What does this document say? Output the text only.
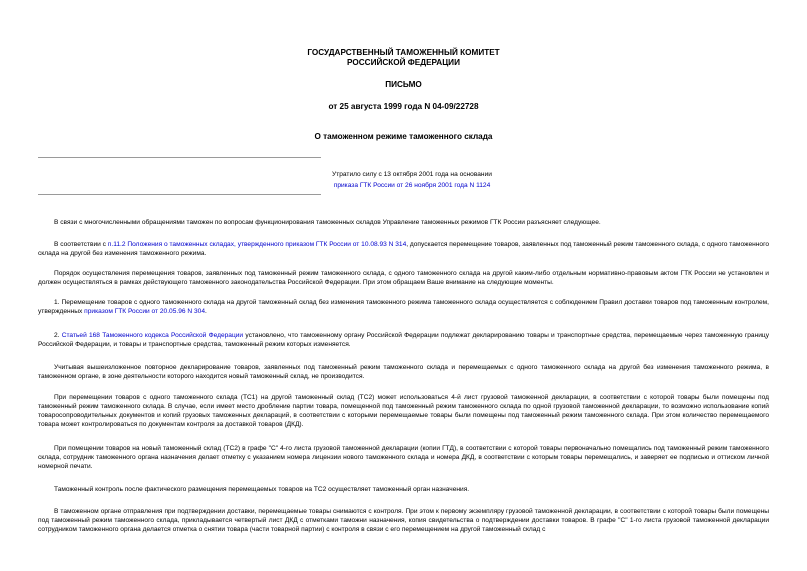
ГОСУДАРСТВЕННЫЙ ТАМОЖЕННЫЙ КОМИТЕТ
РОССИЙСКОЙ ФЕДЕРАЦИИ
ПИСЬМО
от 25 августа 1999 года N 04-09/22728
О таможенном режиме таможенного склада
Утратило силу с 13 октября 2001 года на основании
приказа ГТК России от 26 ноября 2001 года N 1124

В связи с многочисленными обращениями таможен по вопросам функционирования таможенных складов Управление таможенных режимов ГТК России разъясняет следующее.

В соответствии с п.11.2 Положения о таможенных складах, утвержденного приказом ГТК России от 10.08.93 N 314, допускается перемещение товаров, заявленных под таможенный режим таможенного склада, с одного таможенного склада на другой без изменения таможенного режима.

Порядок осуществления перемещения товаров, заявленных под таможенный режим таможенного склада, с одного таможенного склада на другой каким-либо отдельным нормативно-правовым актом ГТК России не установлен и должен осуществляться в рамках действующего таможенного законодательства Российской Федерации. При этом обращаем Ваше внимание на следующие моменты.

1. Перемещение товаров с одного таможенного склада на другой таможенный склад без изменения таможенного режима таможенного склада осуществляется с соблюдением Правил доставки товаров под таможенным контролем, утвержденных приказом ГТК России от 20.05.96 N 304.

2. Статьей 168 Таможенного кодекса Российской Федерации установлено, что таможенному органу Российской Федерации подлежат декларированию товары и транспортные средства, перемещаемые через таможенную границу Российской Федерации, и товары и транспортные средства, таможенный режим которых изменяется.

Учитывая вышеизложенное повторное декларирование товаров, заявленных под таможенный режим таможенного склада и перемещаемых с одного таможенного склада на другой без изменения таможенного режима, в таможенном органе, в зоне деятельности которого находится новый таможенный склад, не производится.

При перемещении товаров с одного таможенного склада (ТС1) на другой таможенный склад (ТС2) может использоваться 4-й лист грузовой таможенной декларации, в соответствии с которой товары были помещены под таможенный режим таможенного склада. В случае, если имеет место дробление партии товара, помещенной под таможенный режим таможенного склада по одной грузовой таможенной декларации, то возможно использование копий товаросопроводительных документов и копий грузовых таможенных деклараций, в соответствии с которыми перемещаемые товары были помещены под таможенный режим таможенного склада. При этом количество перемещаемого товара может контролироваться по документам контроля за доставкой товаров (ДКД).

При помещении товаров на новый таможенный склад (ТС2) в графе "С" 4-го листа грузовой таможенной декларации (копии ГТД), в соответствии с которой товары первоначально помещались под таможенный режим таможенного склада, сотрудник таможенного органа назначения делает отметку с указанием номера лицензии нового таможенного склада и номера ДКД, в соответствии с которым товары перемещались, и заверяет ее подписью и оттиском личной номерной печати.

Таможенный контроль после фактического размещения перемещаемых товаров на ТС2 осуществляет таможенный орган назначения.

В таможенном органе отправления при подтверждении доставки, перемещаемые товары снимаются с контроля. При этом к первому экземпляру грузовой таможенной декларации, в соответствии с которой товары были помещены под таможенный режим таможенного склада, прикладывается четвертый лист ДКД с отметками таможни назначения, копия свидетельства о подтверждении доставки товаров. В графе "С" 1-го листа грузовой таможенной декларации сотрудником таможенного органа делается отметка о снятии товара (части товарной партии) с контроля в связи с его перемещением на другой таможенный склад с
